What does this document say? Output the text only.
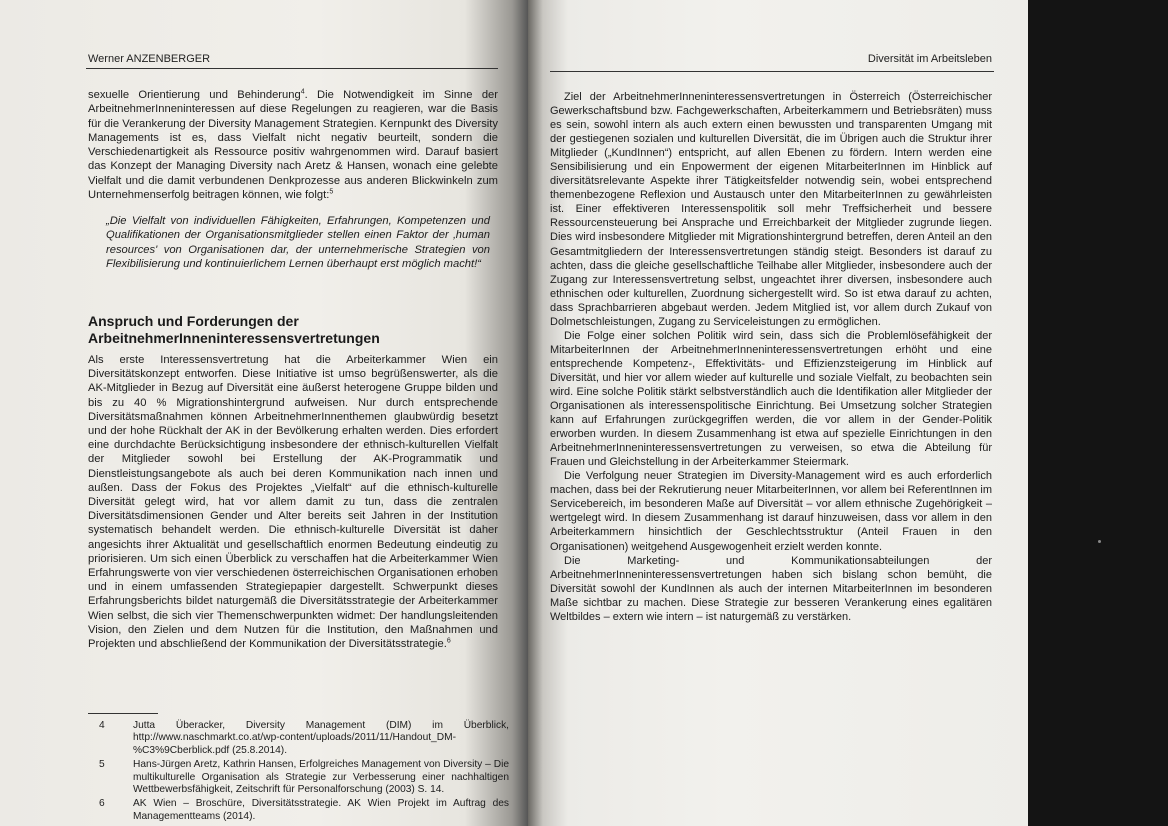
Werner ANZENBERGER

sexuelle Orientierung und Behinderung$^4$. Die Notwendigkeit im Sinne der ArbeitnehmerInneninteressen auf diese Regelungen zu reagieren, war die Basis für die Verankerung der Diversity Management Strategien. Kernpunkt des Diversity Managements ist es, dass Vielfalt nicht negativ beurteilt, sondern die Verschiedenartigkeit als Ressource positiv wahrgenommen wird. Darauf basiert das Konzept der Managing Diversity nach Aretz & Hansen, wonach eine gelebte Vielfalt und die damit verbundenen Denkprozesse aus anderen Blickwinkeln zum Unternehmenserfolg beitragen können, wie folgt:$^5$

„Die Vielfalt von individuellen Fähigkeiten, Erfahrungen, Kompetenzen und Qualifikationen der Organisationsmitglieder stellen einen Faktor der ‚human resources' von Organisationen dar, der unternehmerische Strategien von Flexibilisierung und kontinuierlichem Lernen überhaupt erst möglich macht!“
Anspruch und Forderungen der
ArbeitnehmerInneninteressensvertretungen

Als erste Interessensvertretung hat die Arbeiterkammer Wien ein Diversitätskonzept entworfen. Diese Initiative ist umso begrüßenswerter, als die AK-Mitglieder in Bezug auf Diversität eine äußerst heterogene Gruppe bilden und bis zu 40 % Migrationshintergrund aufweisen. Nur durch entsprechende Diversitätsmaßnahmen können ArbeitnehmerInnenthemen glaubwürdig besetzt und der hohe Rückhalt der AK in der Bevölkerung erhalten werden. Dies erfordert eine durchdachte Berücksichtigung insbesondere der ethnisch-kulturellen Vielfalt der Mitglieder sowohl bei Erstellung der AK-Programmatik und Dienstleistungsangebote als auch bei deren Kommunikation nach innen und außen. Dass der Fokus des Projektes „Vielfalt“ auf die ethnisch-kulturelle Diversität gelegt wird, hat vor allem damit zu tun, dass die zentralen Diversitätsdimensionen Gender und Alter bereits seit Jahren in der Institution systematisch behandelt werden. Die ethnisch-kulturelle Diversität ist daher angesichts ihrer Aktualität und gesellschaftlich enormen Bedeutung eindeutig zu priorisieren. Um sich einen Überblick zu verschaffen hat die Arbeiterkammer Wien Erfahrungswerte von vier verschiedenen österreichischen Organisationen erhoben und in einem umfassenden Strategiepapier dargestellt. Schwerpunkt dieses Erfahrungsberichts bildet naturgemäß die Diversitätsstrategie der Arbeiterkammer Wien selbst, die sich vier Themenschwerpunkten widmet: Der handlungsleitenden Vision, den Zielen und dem Nutzen für die Institution, den Maßnahmen und Projekten und abschließend der Kommunikation der Diversitätsstrategie.$^6$

4	Jutta Überacker, Diversity Management (DIM) im Überblick, http://www.naschmarkt.co.at/wp-content/uploads/2011/11/Handout_DM-%C3%9Cberblick.pdf (25.8.2014).
5	Hans-Jürgen Aretz, Kathrin Hansen, Erfolgreiches Management von Diversity – Die multikulturelle Organisation als Strategie zur Verbesserung einer nachhaltigen Wettbewerbsfähigkeit, Zeitschrift für Personalforschung (2003) S. 14.
6	AK Wien – Broschüre, Diversitätsstrategie. AK Wien Projekt im Auftrag des Managementteams (2014).
Diversität im Arbeitsleben

Ziel der ArbeitnehmerInneninteressensvertretungen in Österreich (Österreichischer Gewerkschaftsbund bzw. Fachgewerkschaften, Arbeiterkammern und Betriebsräten) muss es sein, sowohl intern als auch extern einen bewussten und transparenten Umgang mit der gestiegenen sozialen und kulturellen Diversität, die im Übrigen auch die Struktur ihrer Mitglieder („KundInnen“) entspricht, auf allen Ebenen zu fördern. Intern werden eine Sensibilisierung und ein Enpowerment der eigenen MitarbeiterInnen im Hinblick auf diversitätsrelevante Aspekte ihrer Tätigkeitsfelder notwendig sein, wobei entsprechend themenbezogene Reflexion und Austausch unter den MitarbeiterInnen zu gewährleisten ist. Einer effektiveren Interessenspolitik soll mehr Treffsicherheit und bessere Ressourcensteuerung bei Ansprache und Erreichbarkeit der Mitglieder zugrunde liegen. Dies wird insbesondere Mitglieder mit Migrationshintergrund betreffen, deren Anteil an den Gesamtmitgliedern der Interessensvertretungen ständig steigt. Besonders ist darauf zu achten, dass die gleiche gesellschaftliche Teilhabe aller Mitglieder, insbesondere auch der Zugang zur Interessensvertretung selbst, ungeachtet ihrer diversen, insbesondere auch ethnischen oder kulturellen, Zuordnung sichergestellt wird. So ist etwa darauf zu achten, dass Sprachbarrieren abgebaut werden. Jedem Mitglied ist, vor allem durch Zukauf von Dolmetschleistungen, Zugang zu Serviceleistungen zu ermöglichen.

Die Folge einer solchen Politik wird sein, dass sich die Problemlösefähigkeit der MitarbeiterInnen der ArbeitnehmerInneninteressensvertretungen erhöht und eine entsprechende Kompetenz-, Effektivitäts- und Effizienzsteigerung im Hinblick auf Diversität, und hier vor allem wieder auf kulturelle und soziale Vielfalt, zu beobachten sein wird. Eine solche Politik stärkt selbstverständlich auch die Identifikation aller Mitglieder der Organisationen als interessenspolitische Einrichtung. Bei Umsetzung solcher Strategien kann auf Erfahrungen zurückgegriffen werden, die vor allem in der Gender-Politik erworben wurden. In diesem Zusammenhang ist etwa auf spezielle Einrichtungen in den ArbeitnehmerInneninteressensvertretungen zu verweisen, so etwa die Abteilung für Frauen und Gleichstellung in der Arbeiterkammer Steiermark.

Die Verfolgung neuer Strategien im Diversity-Management wird es auch erforderlich machen, dass bei der Rekrutierung neuer MitarbeiterInnen, vor allem bei ReferentInnen im Servicebereich, im besonderen Maße auf Diversität – vor allem ethnische Zugehörigkeit – wertgelegt wird. In diesem Zusammenhang ist darauf hinzuweisen, dass vor allem in den Arbeiterkammern hinsichtlich der Geschlechtsstruktur (Anteil Frauen in den Organisationen) weitgehend Ausgewogenheit erzielt werden konnte.

Die Marketing- und Kommunikationsabteilungen der ArbeitnehmerInneninteressensvertretungen haben sich bislang schon bemüht, die Diversität sowohl der KundInnen als auch der internen MitarbeiterInnen im besonderen Maße sichtbar zu machen. Diese Strategie zur besseren Verankerung eines egalitären Weltbildes – extern wie intern – ist naturgemäß zu verstärken.
